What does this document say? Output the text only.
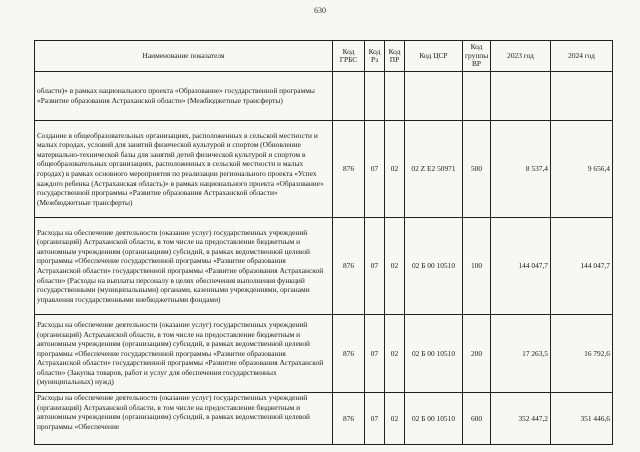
630
Наименование показателя	Код ГРБС	Код Рз	Код ПР	Код ЦСР	Код группы ВР	2023 год	2024 год
области)» в рамках национального проекта «Образование» государственной программы «Развитие образования Астраханской области» (Межбюджетные трансферты)							
Создание в общеобразовательных организациях, расположенных в сельской местности и малых городах, условий для занятий физической культурой и спортом (Обновление материально-технической базы для занятий детей физической культурой и спортом в общеобразовательных организациях, расположенных в сельской местности и малых городах) в рамках основного мероприятия по реализации регионального проекта «Успех каждого ребенка (Астраханская область)» в рамках национального проекта «Образование» государственной программы «Развитие образования Астраханской области» (Межбюджетные трансферты)	876	07	02	02 Z E2 50971	500	8 537,4	9 656,4
Расходы на обеспечение деятельности (оказание услуг) государственных учреждений (организаций) Астраханской области, в том числе на предоставление бюджетным и автономным учреждениям (организациям) субсидий, в рамках ведомственной целевой программы «Обеспечение государственной программы «Развитие образования Астраханской области» государственной программы «Развитие образования Астраханской области» (Расходы на выплаты персоналу в целях обеспечения выполнения функций государственными (муниципальными) органами, казенными учреждениями, органами управления государственными внебюджетными фондами)	876	07	02	02 Б 00 10510	100	144 047,7	144 047,7
Расходы на обеспечение деятельности (оказание услуг) государственных учреждений (организаций) Астраханской области, в том числе на предоставление бюджетным и автономным учреждениям (организациям) субсидий, в рамках ведомственной целевой программы «Обеспечение государственной программы «Развитие образования Астраханской области» государственной программы «Развитие образования Астраханской области» (Закупка товаров, работ и услуг для обеспечения государственных (муниципальных) нужд)	876	07	02	02 Б 00 10510	200	17 263,5	16 792,6
Расходы на обеспечение деятельности (оказание услуг) государственных учреждений (организаций) Астраханской области, в том числе на предоставление бюджетным и автономным учреждениям (организациям) субсидий, в рамках ведомственной целевой программы «Обеспечение	876	07	02	02 Б 00 10510	600	352 447,2	351 446,6
